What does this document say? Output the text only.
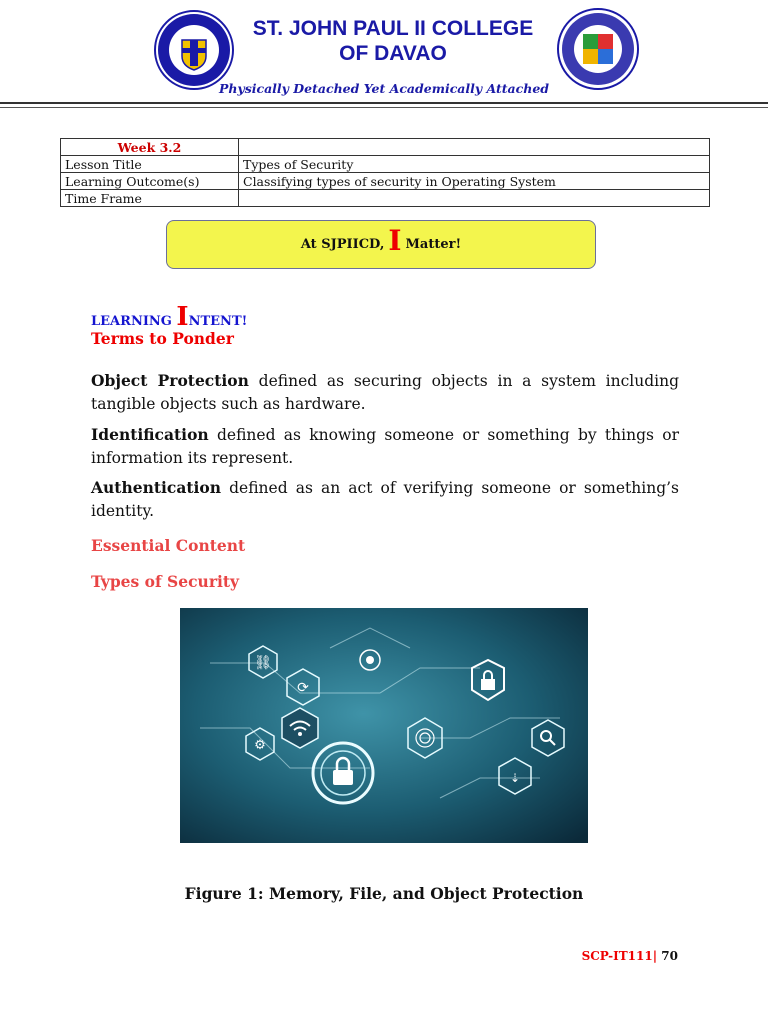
ST. JOHN PAUL II COLLEGE
OF DAVAO
Physically Detached Yet Academically Attached
Week 3.2	
Lesson Title	Types of Security
Learning Outcome(s)	Classifying types of security in Operating System
Time Frame	
At SJPIICD, I Matter!
LEARNING INTENT!
Terms to Ponder
Object Protection defined as securing objects in a system including tangible objects such as hardware.
Identification defined as knowing someone or something by things or information its represent.
Authentication defined as an act of verifying someone or something’s identity.
Essential Content
Types of Security
⛓
⟳
⚙
⇣
Figure 1: Memory, File, and Object Protection
SCP-IT111| 70
